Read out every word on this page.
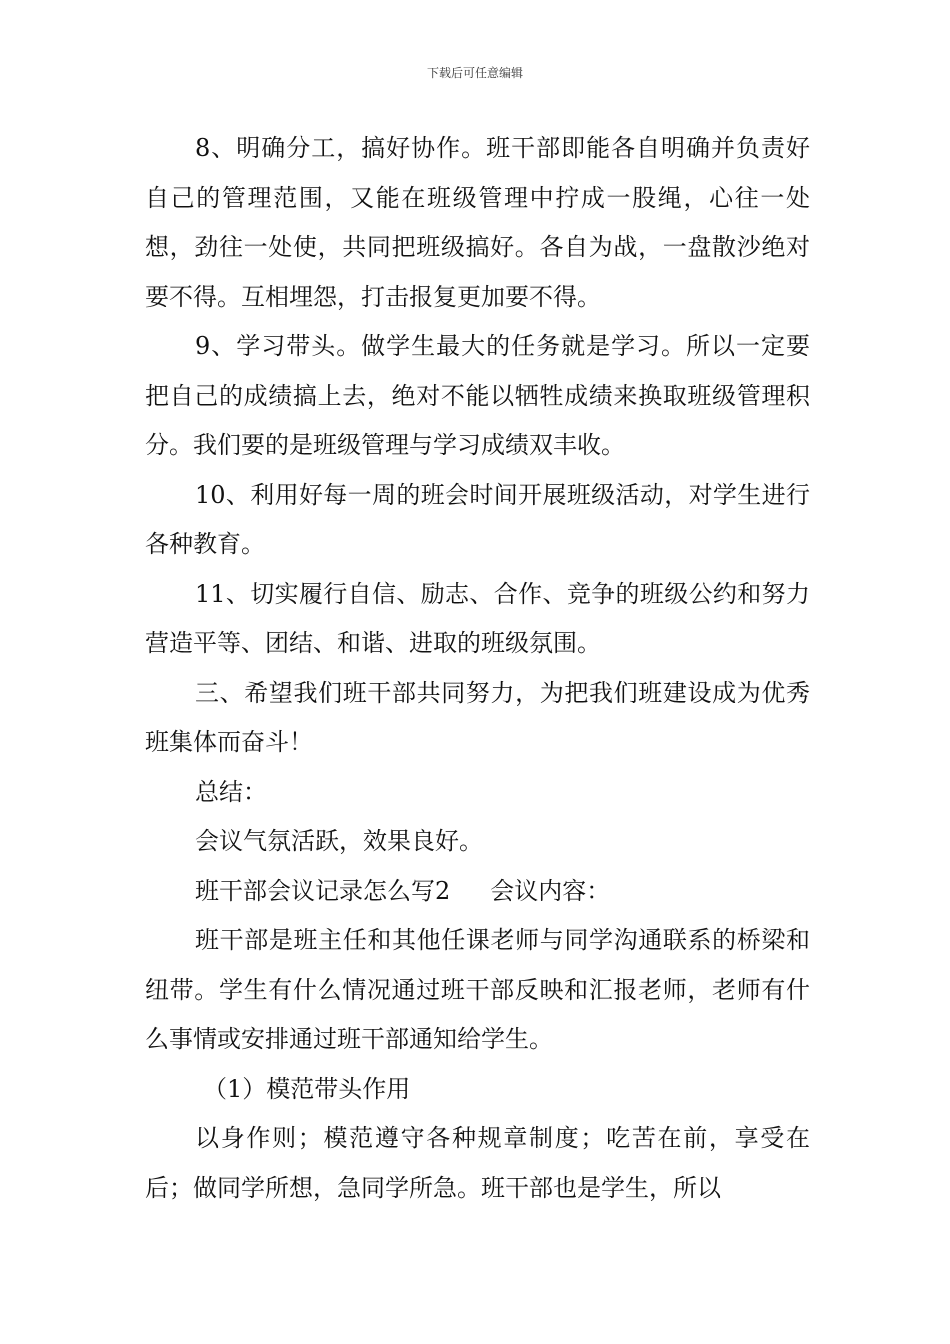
下载后可任意编辑

8、明确分工，搞好协作。班干部即能各自明确并负责好自己的管理范围，又能在班级管理中拧成一股绳，心往一处想，劲往一处使，共同把班级搞好。各自为战，一盘散沙绝对要不得。互相埋怨，打击报复更加要不得。

9、学习带头。做学生最大的任务就是学习。所以一定要把自己的成绩搞上去，绝对不能以牺牲成绩来换取班级管理积分。我们要的是班级管理与学习成绩双丰收。

10、利用好每一周的班会时间开展班级活动，对学生进行各种教育。

11、切实履行自信、励志、合作、竞争的班级公约和努力营造平等、团结、和谐、进取的班级氛围。

三、希望我们班干部共同努力，为把我们班建设成为优秀班集体而奋斗！

总结：

会议气氛活跃，效果良好。

班干部会议记录怎么写2 会议内容：

班干部是班主任和其他任课老师与同学沟通联系的桥梁和纽带。学生有什么情况通过班干部反映和汇报老师，老师有什么事情或安排通过班干部通知给学生。

（1）模范带头作用

以身作则；模范遵守各种规章制度；吃苦在前，享受在后；做同学所想，急同学所急。班干部也是学生，所以
